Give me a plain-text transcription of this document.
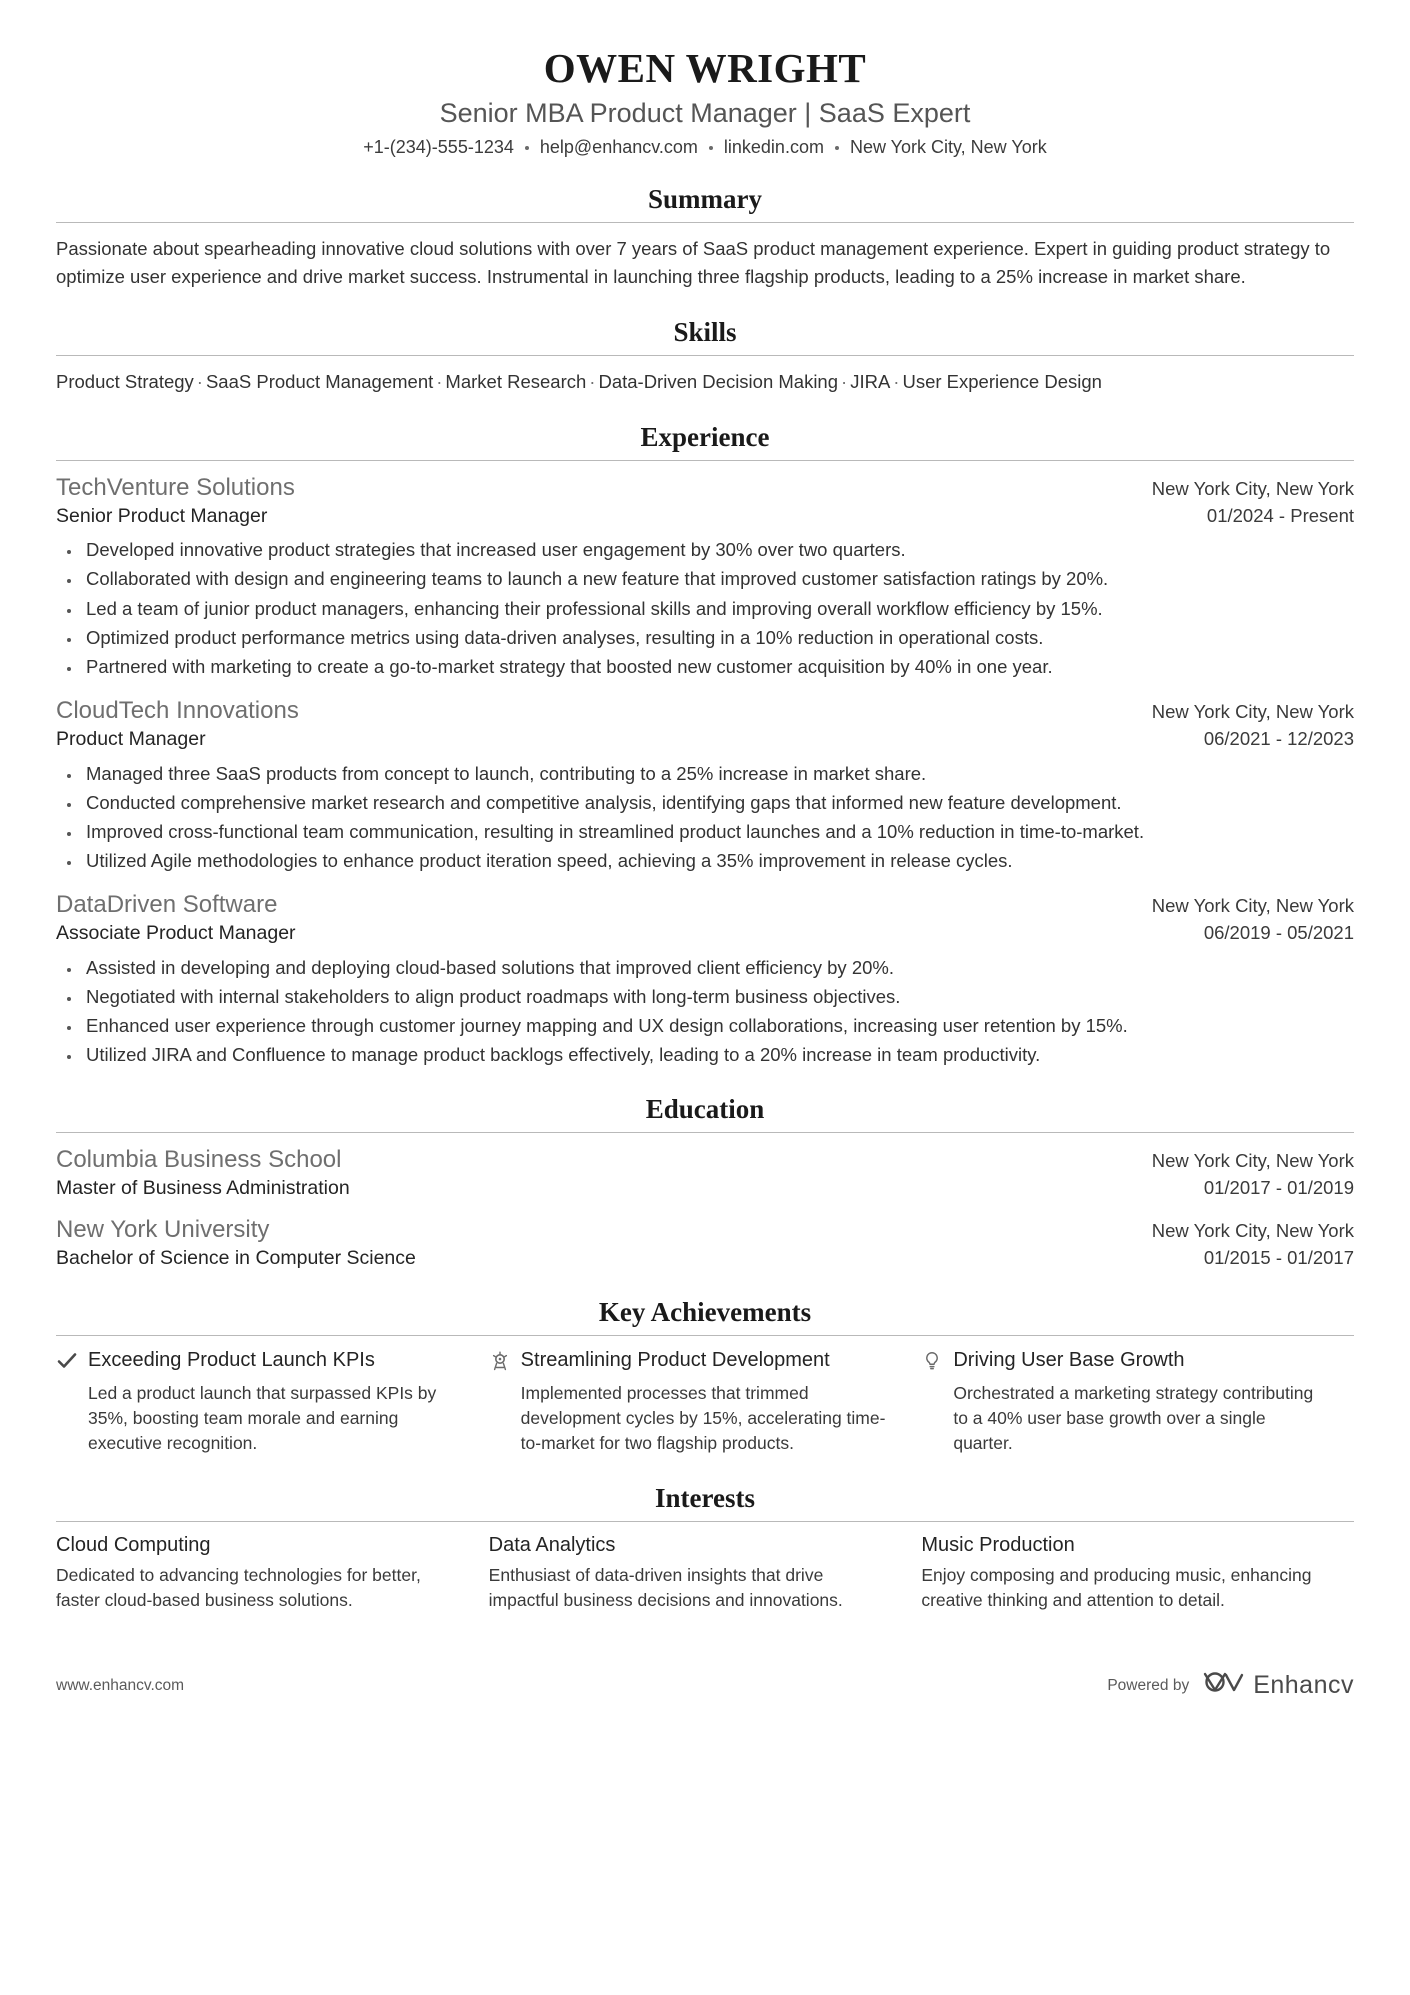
OWEN WRIGHT
Senior MBA Product Manager | SaaS Expert
+1-(234)-555-1234 help@enhancv.com linkedin.com New York City, New York
Summary

Passionate about spearheading innovative cloud solutions with over 7 years of SaaS product management experience. Expert in guiding product strategy to optimize user experience and drive market success. Instrumental in launching three flagship products, leading to a 25% increase in market share.

Skills
Product Strategy · SaaS Product Management · Market Research · Data-Driven Decision Making · JIRA · User Experience Design
Experience
TechVenture Solutions	New York City, New York
Senior Product Manager	01/2024 - Present
• Developed innovative product strategies that increased user engagement by 30% over two quarters.
• Collaborated with design and engineering teams to launch a new feature that improved customer satisfaction ratings by 20%.
• Led a team of junior product managers, enhancing their professional skills and improving overall workflow efficiency by 15%.
• Optimized product performance metrics using data-driven analyses, resulting in a 10% reduction in operational costs.
• Partnered with marketing to create a go-to-market strategy that boosted new customer acquisition by 40% in one year.
CloudTech Innovations	New York City, New York
Product Manager	06/2021 - 12/2023
• Managed three SaaS products from concept to launch, contributing to a 25% increase in market share.
• Conducted comprehensive market research and competitive analysis, identifying gaps that informed new feature development.
• Improved cross-functional team communication, resulting in streamlined product launches and a 10% reduction in time-to-market.
• Utilized Agile methodologies to enhance product iteration speed, achieving a 35% improvement in release cycles.
DataDriven Software	New York City, New York
Associate Product Manager	06/2019 - 05/2021
• Assisted in developing and deploying cloud-based solutions that improved client efficiency by 20%.
• Negotiated with internal stakeholders to align product roadmaps with long-term business objectives.
• Enhanced user experience through customer journey mapping and UX design collaborations, increasing user retention by 15%.
• Utilized JIRA and Confluence to manage product backlogs effectively, leading to a 20% increase in team productivity.
Education
Columbia Business School	New York City, New York
Master of Business Administration	01/2017 - 01/2019
New York University	New York City, New York
Bachelor of Science in Computer Science	01/2015 - 01/2017
Key Achievements
Exceeding Product Launch KPIs
Led a product launch that surpassed KPIs by 35%, boosting team morale and earning executive recognition.
Streamlining Product Development
Implemented processes that trimmed development cycles by 15%, accelerating time-to-market for two flagship products.
Driving User Base Growth
Orchestrated a marketing strategy contributing to a 40% user base growth over a single quarter.
Interests
Cloud Computing
Dedicated to advancing technologies for better, faster cloud-based business solutions.
Data Analytics
Enthusiast of data-driven insights that drive impactful business decisions and innovations.
Music Production
Enjoy composing and producing music, enhancing creative thinking and attention to detail.
www.enhancv.com	Powered by	Enhancv
